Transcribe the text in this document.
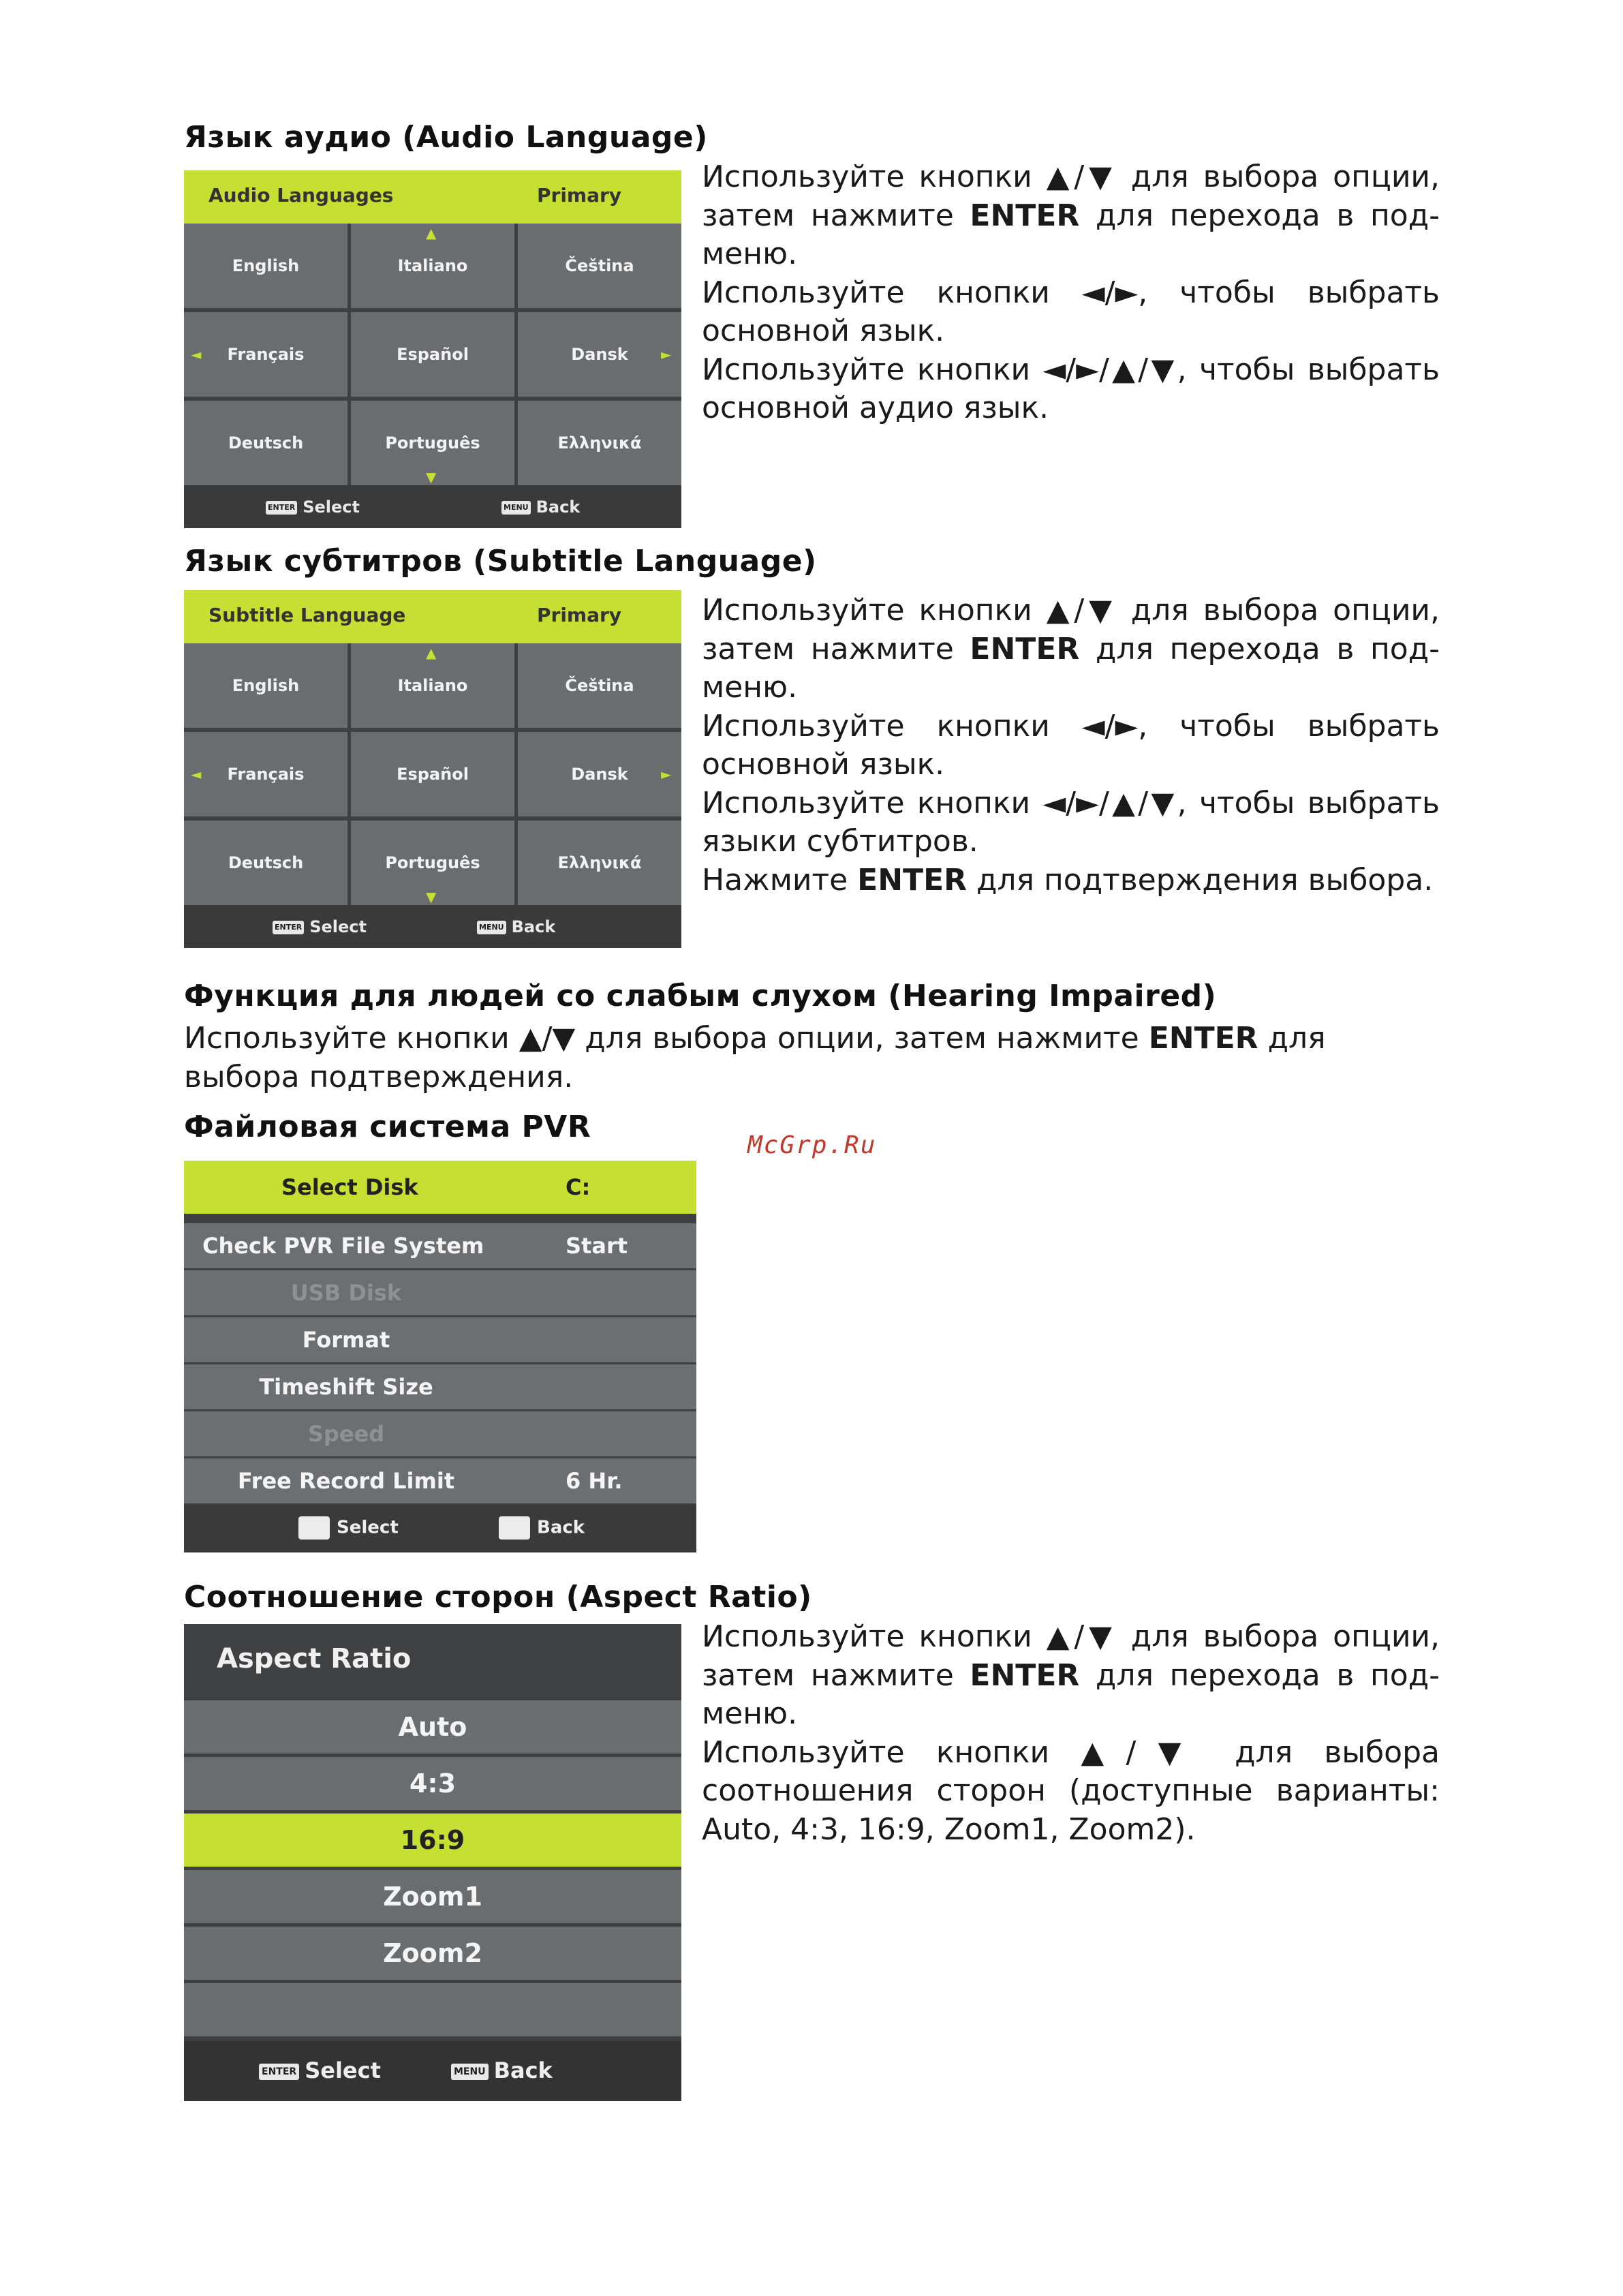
Язык аудио (Audio Language)
Audio Languages	Primary
English	Italiano	Čeština
Français	Español	Dansk
Deutsch	Português	Ελληνικά
▲
▼
◄	►
ENTER Select	MENU Back

Используйте кнопки ▲/▼ для выбора опции, затем нажмите ENTER для перехода в под-меню.

Используйте кнопки ◄/►, чтобы выбрать основной язык.

Используйте кнопки ◄/►/▲/▼, чтобы выбрать основной аудио язык.

Язык субтитров (Subtitle Language)
Subtitle Language	Primary
English	Italiano	Čeština
Français	Español	Dansk
Deutsch	Português	Ελληνικά
▲
▼
◄	►
ENTER Select	MENU Back

Используйте кнопки ▲/▼ для выбора опции, затем нажмите ENTER для перехода в под-меню.

Используйте кнопки ◄/►, чтобы выбрать основной язык.

Используйте кнопки ◄/►/▲/▼, чтобы выбрать языки субтитров.

Нажмите ENTER для подтверждения выбора.

Функция для людей со слабым слухом (Hearing Impaired)
Используйте кнопки ▲/▼ для выбора опции, затем нажмите ENTER для выбора подтверждения.
Файловая система PVR
McGrp.Ru
Select Disk	C:
Check PVR File System	Start
USB Disk
Format
Timeshift Size
Speed
Free Record Limit	6 Hr.
Select	Back
Соотношение сторон (Aspect Ratio)
Aspect Ratio
Auto
4:3
16:9
Zoom1
Zoom2
ENTER Select	MENU Back

Используйте кнопки ▲/▼ для выбора опции, затем нажмите ENTER для перехода в под-меню.

Используйте кнопки ▲/▼ для выбора соотношения сторон (доступные варианты: Auto, 4:3, 16:9, Zoom1, Zoom2).
